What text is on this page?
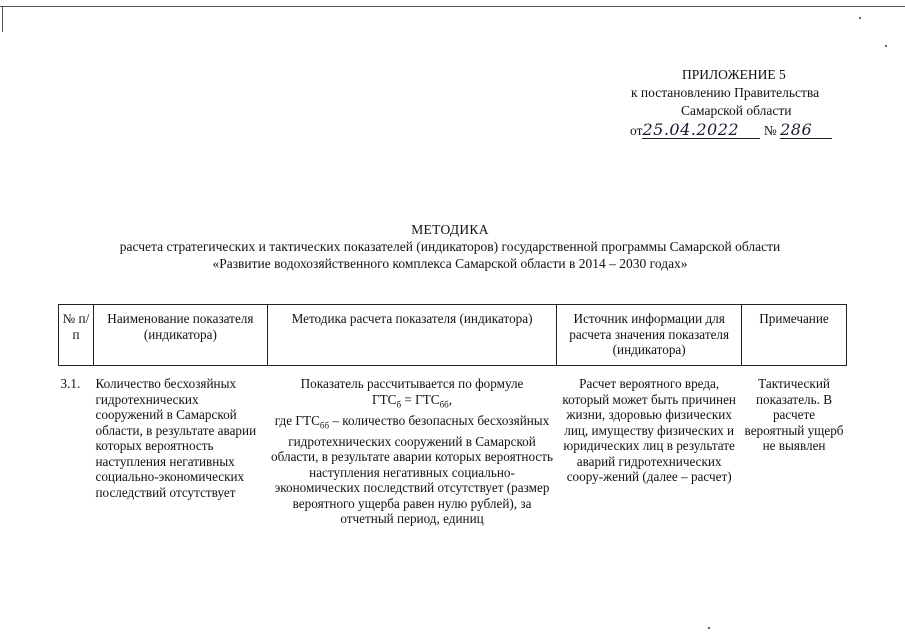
ПРИЛОЖЕНИЕ 5
к постановлению Правительства
Самарской области
от25.04.2022 № 286
МЕТОДИКА
расчета стратегических и тактических показателей (индикаторов) государственной программы Самарской области
«Развитие водохозяйственного комплекса Самарской области в 2014 – 2030 годах»
№ п/п	Наименование показателя (индикатора)	Методика расчета показателя (индикатора)	Источник информации для расчета значения показателя (индикатора)	Примечание
3.1.	Количество бесхозяйных гидротехнических сооружений в Самарской области, в результате аварии которых вероятность наступления негативных социально-экономических последствий отсутствует	Показатель рассчитывается по формуле
$ГТС_б = ГТС_{бб}$,
где $ГТС_{бб}$ – количество безопасных бесхозяйных гидротехнических сооружений в Самарской области, в результате аварии которых вероятность наступления негативных социально-экономических последствий отсутствует (размер вероятного ущерба равен нулю рублей), за отчетный период, единиц	Расчет вероятного вреда, который может быть причинен жизни, здоровью физических лиц, имуществу физических и юридических лиц в результате аварий гидротехнических соору-жений (далее – расчет)	Тактический показатель. В расчете вероятный ущерб не выявлен
